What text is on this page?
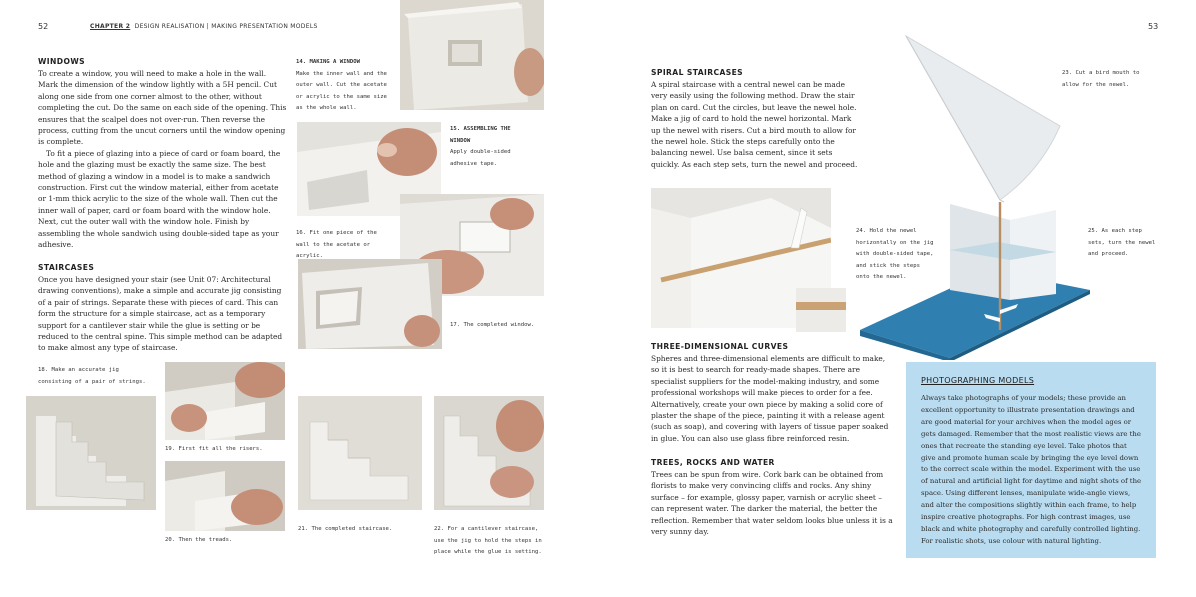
52	CHAPTER 2 DESIGN REALISATION | MAKING PRESENTATION MODELS
WINDOWS

To create a window, you will need to make a hole in the wall. Mark the dimension of the window lightly with a 5H pencil. Cut along one side from one corner almost to the other, without completing the cut. Do the same on each side of the opening. This ensures that the scalpel does not over-run. Then reverse the process, cutting from the uncut corners until the window opening is complete.

To fit a piece of glazing into a piece of card or foam board, the hole and the glazing must be exactly the same size. The best method of glazing a window in a model is to make a sandwich construction. First cut the window material, either from acetate or 1-mm thick acrylic to the size of the whole wall. Then cut the inner wall of paper, card or foam board with the window hole. Next, cut the outer wall with the window hole. Finish by assembling the whole sandwich using double-sided tape as your adhesive.

STAIRCASES

Once you have designed your stair (see Unit 07: Architectural drawing conventions), make a simple and accurate jig consisting of a pair of strings. Separate these with pieces of card. This can form the structure for a simple staircase, act as a temporary support for a cantilever stair while the glue is setting or be reduced to the central spine. This simple method can be adapted to make almost any type of staircase.

14. MAKING A WINDOW
Make the inner wall and the outer wall. Cut the acetate or acrylic to the same size as the whole wall.
15. ASSEMBLING THE WINDOW
Apply double-sided adhesive tape.
16. Fit one piece of the wall to the acetate or acrylic.
17. The completed window.
18. Make an accurate jig consisting of a pair of strings.
19. First fit all the risers.
20. Then the treads.
21. The completed staircase.	22. For a cantilever staircase, use the jig to hold the steps in place while the glue is setting.
53
SPIRAL STAIRCASES

A spiral staircase with a central newel can be made very easily using the following method. Draw the stair plan on card. Cut the circles, but leave the newel hole. Make a jig of card to hold the newel horizontal. Mark up the newel with risers. Cut a bird mouth to allow for the newel hole. Stick the steps carefully onto the balancing newel. Use balsa cement, since it sets quickly. As each step sets, turn the newel and proceed.

23. Cut a bird mouth to allow for the newel.
24. Hold the newel horizontally on the jig with double-sided tape, and stick the steps onto the newel.
25. As each step sets, turn the newel and proceed.
THREE-DIMENSIONAL CURVES

Spheres and three-dimensional elements are difficult to make, so it is best to search for ready-made shapes. There are specialist suppliers for the model-making industry, and some professional workshops will make pieces to order for a fee. Alternatively, create your own piece by making a solid core of plaster the shape of the piece, painting it with a release agent (such as soap), and covering with layers of tissue paper soaked in glue. You can also use glass fibre reinforced resin.

TREES, ROCKS AND WATER

Trees can be spun from wire. Cork bark can be obtained from florists to make very convincing cliffs and rocks. Any shiny surface – for example, glossy paper, varnish or acrylic sheet – can represent water. The darker the material, the better the reflection. Remember that water seldom looks blue unless it is a very sunny day.

PHOTOGRAPHING MODELS

Always take photographs of your models; these provide an excellent opportunity to illustrate presentation drawings and are good material for your archives when the model ages or gets damaged. Remember that the most realistic views are the ones that recreate the standing eye level. Take photos that give and promote human scale by bringing the eye level down to the correct scale within the model. Experiment with the use of natural and artificial light for daytime and night shots of the space. Using different lenses, manipulate wide-angle views, and alter the compositions slightly within each frame, to help inspire creative photographs. For high contrast images, use black and white photography and carefully controlled lighting. For realistic shots, use colour with natural lighting.
